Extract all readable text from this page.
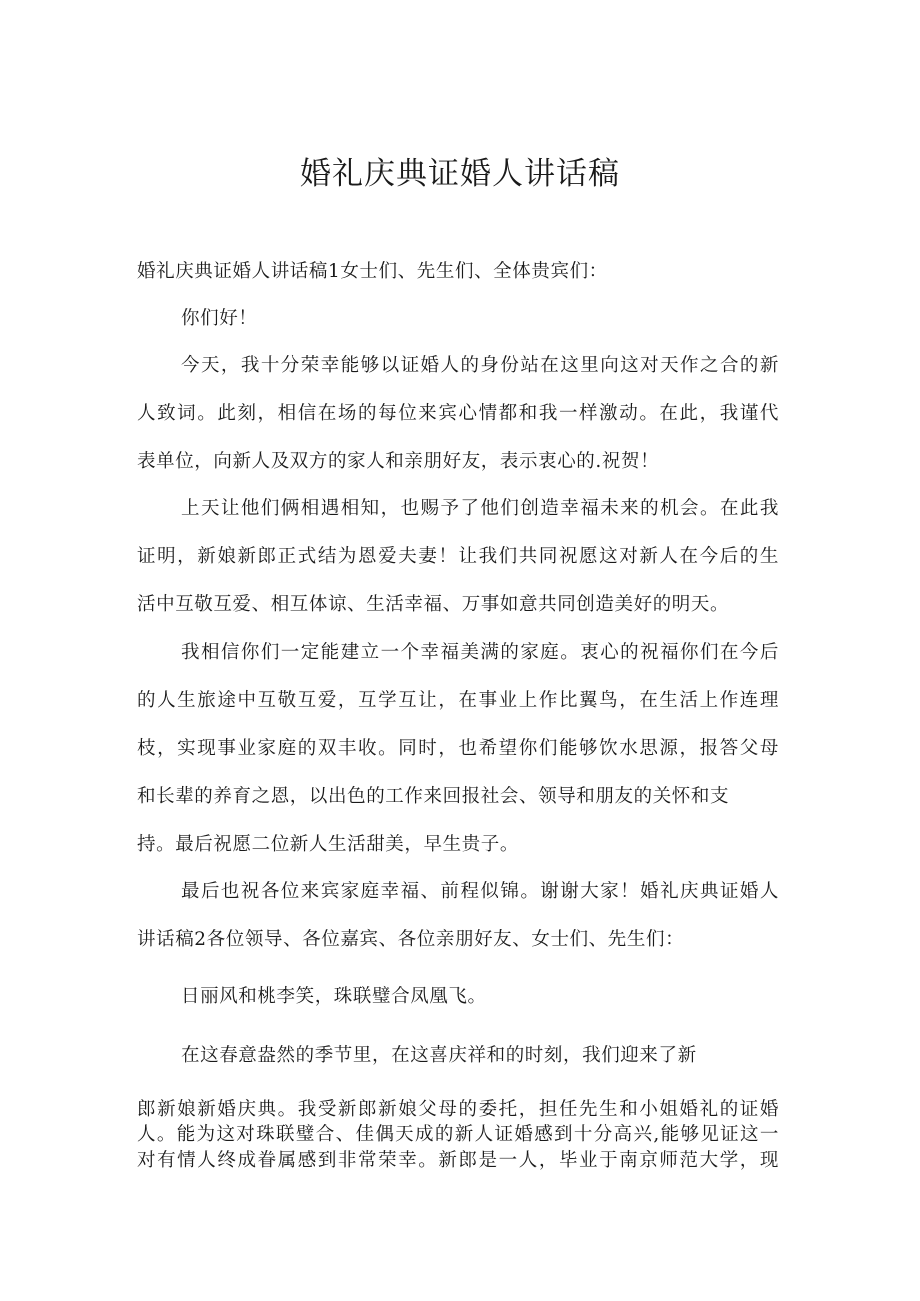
婚礼庆典证婚人讲话稿
婚礼庆典证婚人讲话稿1女士们、先生们、全体贵宾们：
你们好！
今天，我十分荣幸能够以证婚人的身份站在这里向这对天作之合的新
人致词。此刻，相信在场的每位来宾心情都和我一样激动。在此，我谨代
表单位，向新人及双方的家人和亲朋好友，表示衷心的.祝贺！
上天让他们俩相遇相知，也赐予了他们创造幸福未来的机会。在此我
证明，新娘新郎正式结为恩爱夫妻！让我们共同祝愿这对新人在今后的生
活中互敬互爱、相互体谅、生活幸福、万事如意共同创造美好的明天。
我相信你们一定能建立一个幸福美满的家庭。衷心的祝福你们在今后
的人生旅途中互敬互爱，互学互让，在事业上作比翼鸟，在生活上作连理
枝，实现事业家庭的双丰收。同时，也希望你们能够饮水思源，报答父母
和长辈的养育之恩，以出色的工作来回报社会、领导和朋友的关怀和支
持。最后祝愿二位新人生活甜美，早生贵子。
最后也祝各位来宾家庭幸福、前程似锦。谢谢大家！婚礼庆典证婚人
讲话稿2各位领导、各位嘉宾、各位亲朋好友、女士们、先生们：
日丽风和桃李笑，珠联璧合凤凰飞。
在这春意盎然的季节里，在这喜庆祥和的时刻，我们迎来了新
郎新娘新婚庆典。我受新郎新娘父母的委托，担任先生和小姐婚礼的证婚
人。能为这对珠联璧合、佳偶天成的新人证婚感到十分高兴,能够见证这一
对有情人终成眷属感到非常荣幸。新郎是一人，毕业于南京师范大学，现
